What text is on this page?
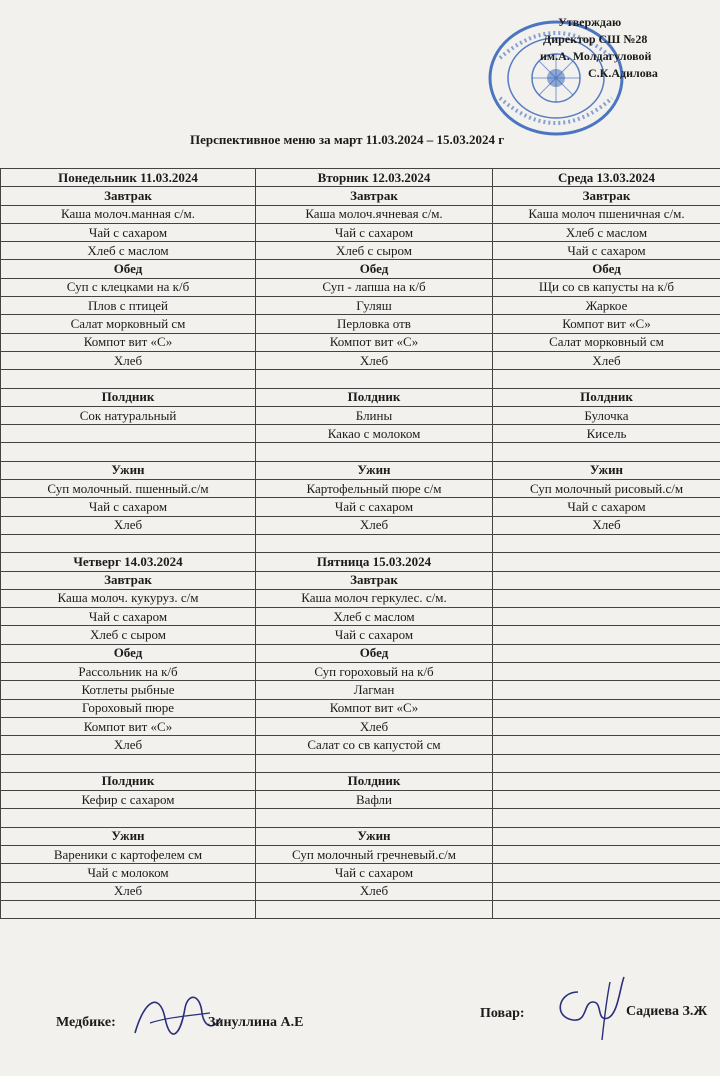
Утверждаю
Директор СШ №28
им.А. Молдагуловой
С.К.Адилова
Перспективное меню за март 11.03.2024 – 15.03.2024 г
Понедельник 11.03.2024	Вторник 12.03.2024	Среда 13.03.2024
Завтрак	Завтрак	Завтрак
Каша молоч.манная с/м.	Каша молоч.ячневая с/м.	Каша молоч пшеничная с/м.
Чай с сахаром	Чай с сахаром	Хлеб с маслом
Хлеб с маслом	Хлеб с сыром	Чай с сахаром
Обед	Обед	Обед
Суп с клецками на к/б	Суп - лапша на к/б	Щи со св капусты на к/б
Плов с птицей	Гуляш	Жаркое
Салат морковный см	Перловка отв	Компот вит «С»
Компот вит «С»	Компот вит «С»	Салат морковный см
Хлеб	Хлеб	Хлеб

Полдник	Полдник	Полдник
Сок натуральный	Блины	Булочка
	Какао с молоком	Кисель

Ужин	Ужин	Ужин
Суп молочный. пшенный.с/м	Картофельный пюре с/м	Суп молочный рисовый.с/м
Чай с сахаром	Чай с сахаром	Чай с сахаром
Хлеб	Хлеб	Хлеб

Четверг 14.03.2024	Пятница 15.03.2024	
Завтрак	Завтрак	
Каша молоч. кукуруз. с/м	Каша молоч геркулес. с/м.	
Чай с сахаром	Хлеб с маслом	
Хлеб с сыром	Чай с сахаром	
Обед	Обед	
Рассольник на к/б	Суп гороховый на к/б	
Котлеты рыбные	Лагман	
Гороховый пюре	Компот вит «С»	
Компот вит «С»	Хлеб	
Хлеб	Салат со св капустой см	

Полдник	Полдник	
Кефир с сахаром	Вафли	

Ужин	Ужин	
Вареники с картофелем см	Суп молочный гречневый.с/м	
Чай с молоком	Чай с сахаром	
Хлеб	Хлеб	

Медбике:	Зинуллина А.Е
Повар:	Садиева З.Ж
